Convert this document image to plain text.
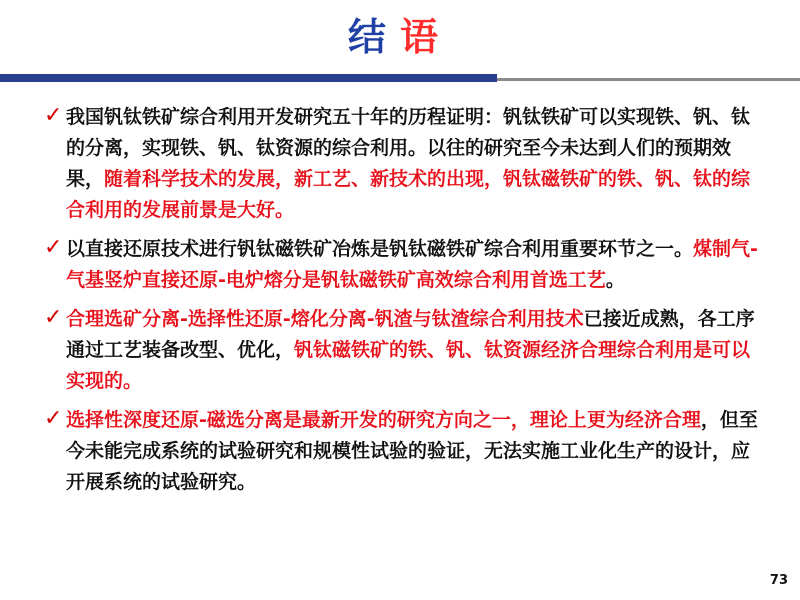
结语
✓ 我国钒钛铁矿综合利用开发研究五十年的历程证明：钒钛铁矿可以实现铁、钒、钛的分离，实现铁、钒、钛资源的综合利用。以往的研究至今未达到人们的预期效果，随着科学技术的发展，新工艺、新技术的出现，钒钛磁铁矿的铁、钒、钛的综合利用的发展前景是大好。
✓ 以直接还原技术进行钒钛磁铁矿冶炼是钒钛磁铁矿综合利用重要环节之一。煤制气-气基竖炉直接还原-电炉熔分是钒钛磁铁矿高效综合利用首选工艺。
✓ 合理选矿分离-选择性还原-熔化分离-钒渣与钛渣综合利用技术已接近成熟，各工序通过工艺装备改型、优化，钒钛磁铁矿的铁、钒、钛资源经济合理综合利用是可以实现的。
✓ 选择性深度还原-磁选分离是最新开发的研究方向之一，理论上更为经济合理，但至今未能完成系统的试验研究和规模性试验的验证，无法实施工业化生产的设计，应开展系统的试验研究。
73
